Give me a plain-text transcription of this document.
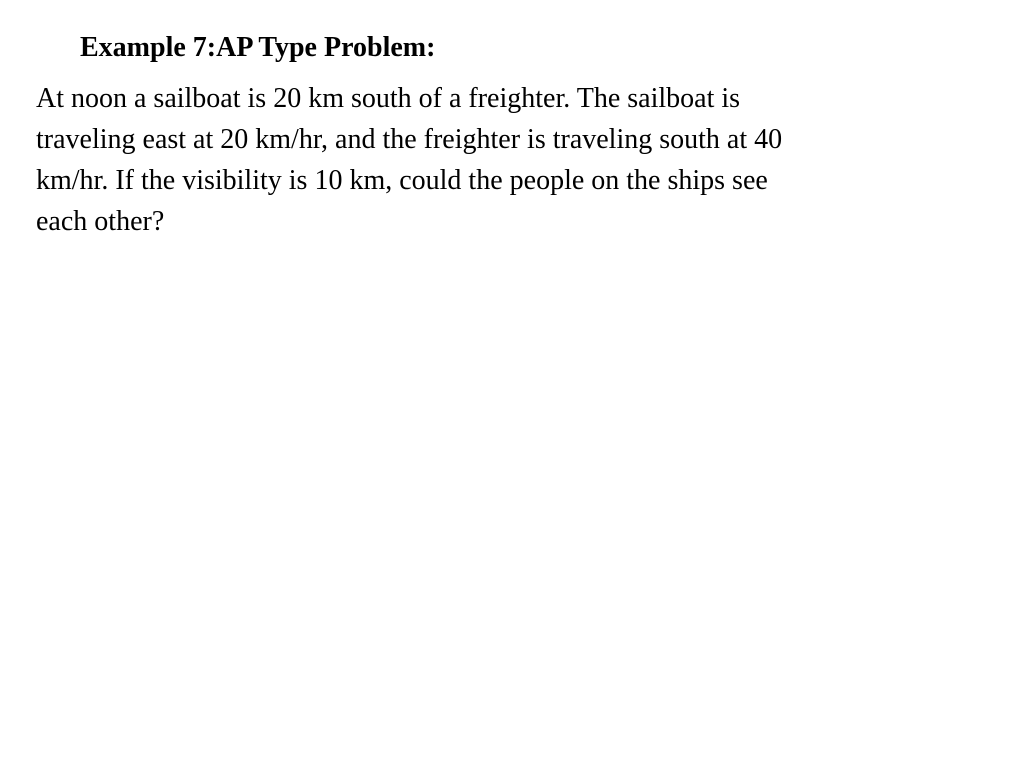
Example 7:AP Type Problem:
At noon a sailboat is 20 km south of a freighter. The sailboat is
traveling east at 20 km/hr, and the freighter is traveling south at 40
km/hr. If the visibility is 10 km, could the people on the ships see
each other?
